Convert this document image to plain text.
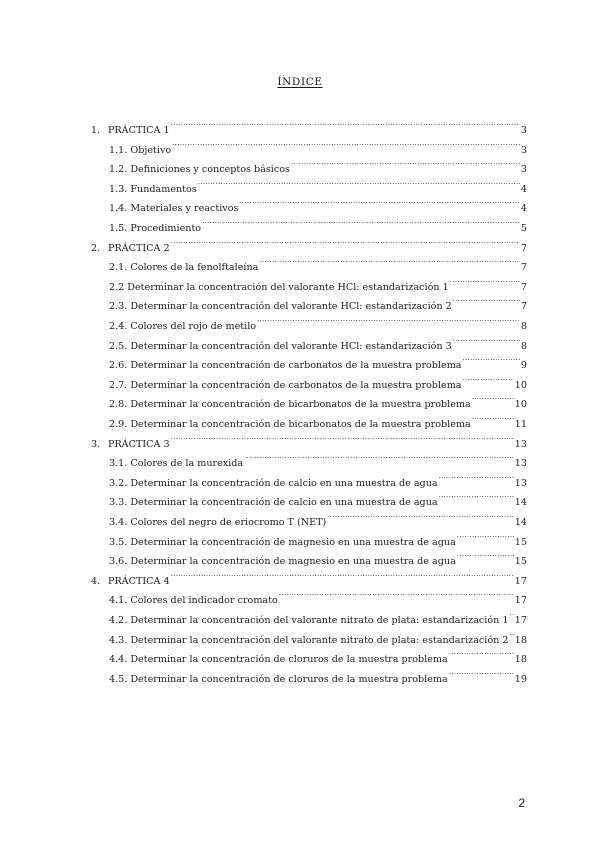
ÍNDICE
1. PRÁCTICA 1 .....	3
1.1. Objetivo .....	3
1.2. Definiciones y conceptos básicos .....	3
1.3. Fundamentos .....	4
1.4. Materiales y reactivos .....	4
1.5. Procedimiento .....	5
2. PRÁCTICA 2 .....	7
2.1. Colores de la fenolftaleína .....	7
2.2 Determinar la concentración del valorante HCl: estandarización 1 .....	7
2.3. Determinar la concentración del valorante HCl: estandarización 2 .....	7
2.4. Colores del rojo de metilo .....	8
2.5. Determinar la concentración del valorante HCl: estandarización 3 .....	8
2.6. Determinar la concentración de carbonatos de la muestra problema .....	9
2.7. Determinar la concentración de carbonatos de la muestra problema .....	10
2.8. Determinar la concentración de bicarbonatos de la muestra problema .....	10
2.9. Determinar la concentración de bicarbonatos de la muestra problema .....	11
3. PRÁCTICA 3 .....	13
3.1. Colores de la murexida .....	13
3.2. Determinar la concentración de calcio en una muestra de agua .....	13
3.3. Determinar la concentración de calcio en una muestra de agua .....	14
3.4. Colores del negro de eriocromo T (NET) .....	14
3.5. Determinar la concentración de magnesio en una muestra de agua .....	15
3.6. Determinar la concentración de magnesio en una muestra de agua .....	15
4. PRÁCTICA 4 .....	17
4.1. Colores del indicador cromato .....	17
4.2. Determinar la concentración del valorante nitrato de plata: estandarización 1 ..... 17
4.3. Determinar la concentración del valorante nitrato de plata: estandarización 2 ..... 18
4.4. Determinar la concentración de cloruros de la muestra problema .....	18
4.5. Determinar la concentración de cloruros de la muestra problema .....	19
2
